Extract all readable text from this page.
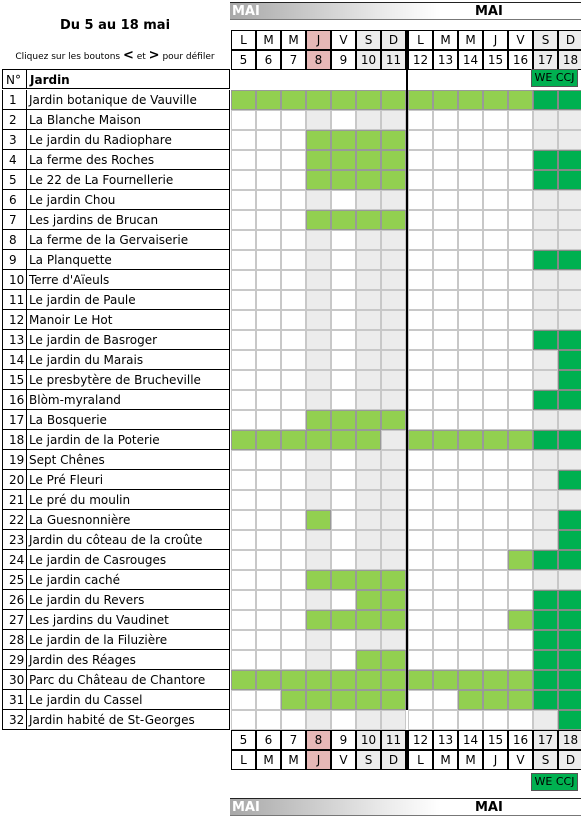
Du 5 au 18 mai
Cliquez sur les boutons < et > pour défiler
MAI	MAI
L	M	M	J	V	S	D	L	M	M	J	V	S	D
5	6	7	8	9	10 11 12 13 14 15 16 17 18
5	6	7	8	9	10 11 12 13 14 15 16 17 18
L	M	M	J	V	S	D	L	M	M	J	V	S	D
1	Jardin botanique de Vauville
2	La Blanche Maison
3	Le jardin du Radiophare
4	La ferme des Roches
5	Le 22 de La Fournellerie
6	Le jardin Chou
7	Les jardins de Brucan
8	La ferme de la Gervaiserie
9	La Planquette
10 Terre d'Aïeuls
11 Le jardin de Paule
12 Manoir Le Hot
13 Le jardin de Basroger
14 Le jardin du Marais
15 Le presbytère de Brucheville
16 Blòm-myraland
17 La Bosquerie
18 Le jardin de la Poterie
19 Sept Chênes
20 Le Pré Fleuri
21 Le pré du moulin
22 La Guesnonnière
23 Jardin du côteau de la croûte
24 Le jardin de Casrouges
25 Le jardin caché
26 Le jardin du Revers
27 Les jardins du Vaudinet
28 Le jardin de la Filuzière
29 Jardin des Réages
30 Parc du Château de Chantore
31 Le jardin du Cassel
32 Jardin habité de St-Georges
N° Jardin	WE CCJ
WE CCJ
MAI	MAI
